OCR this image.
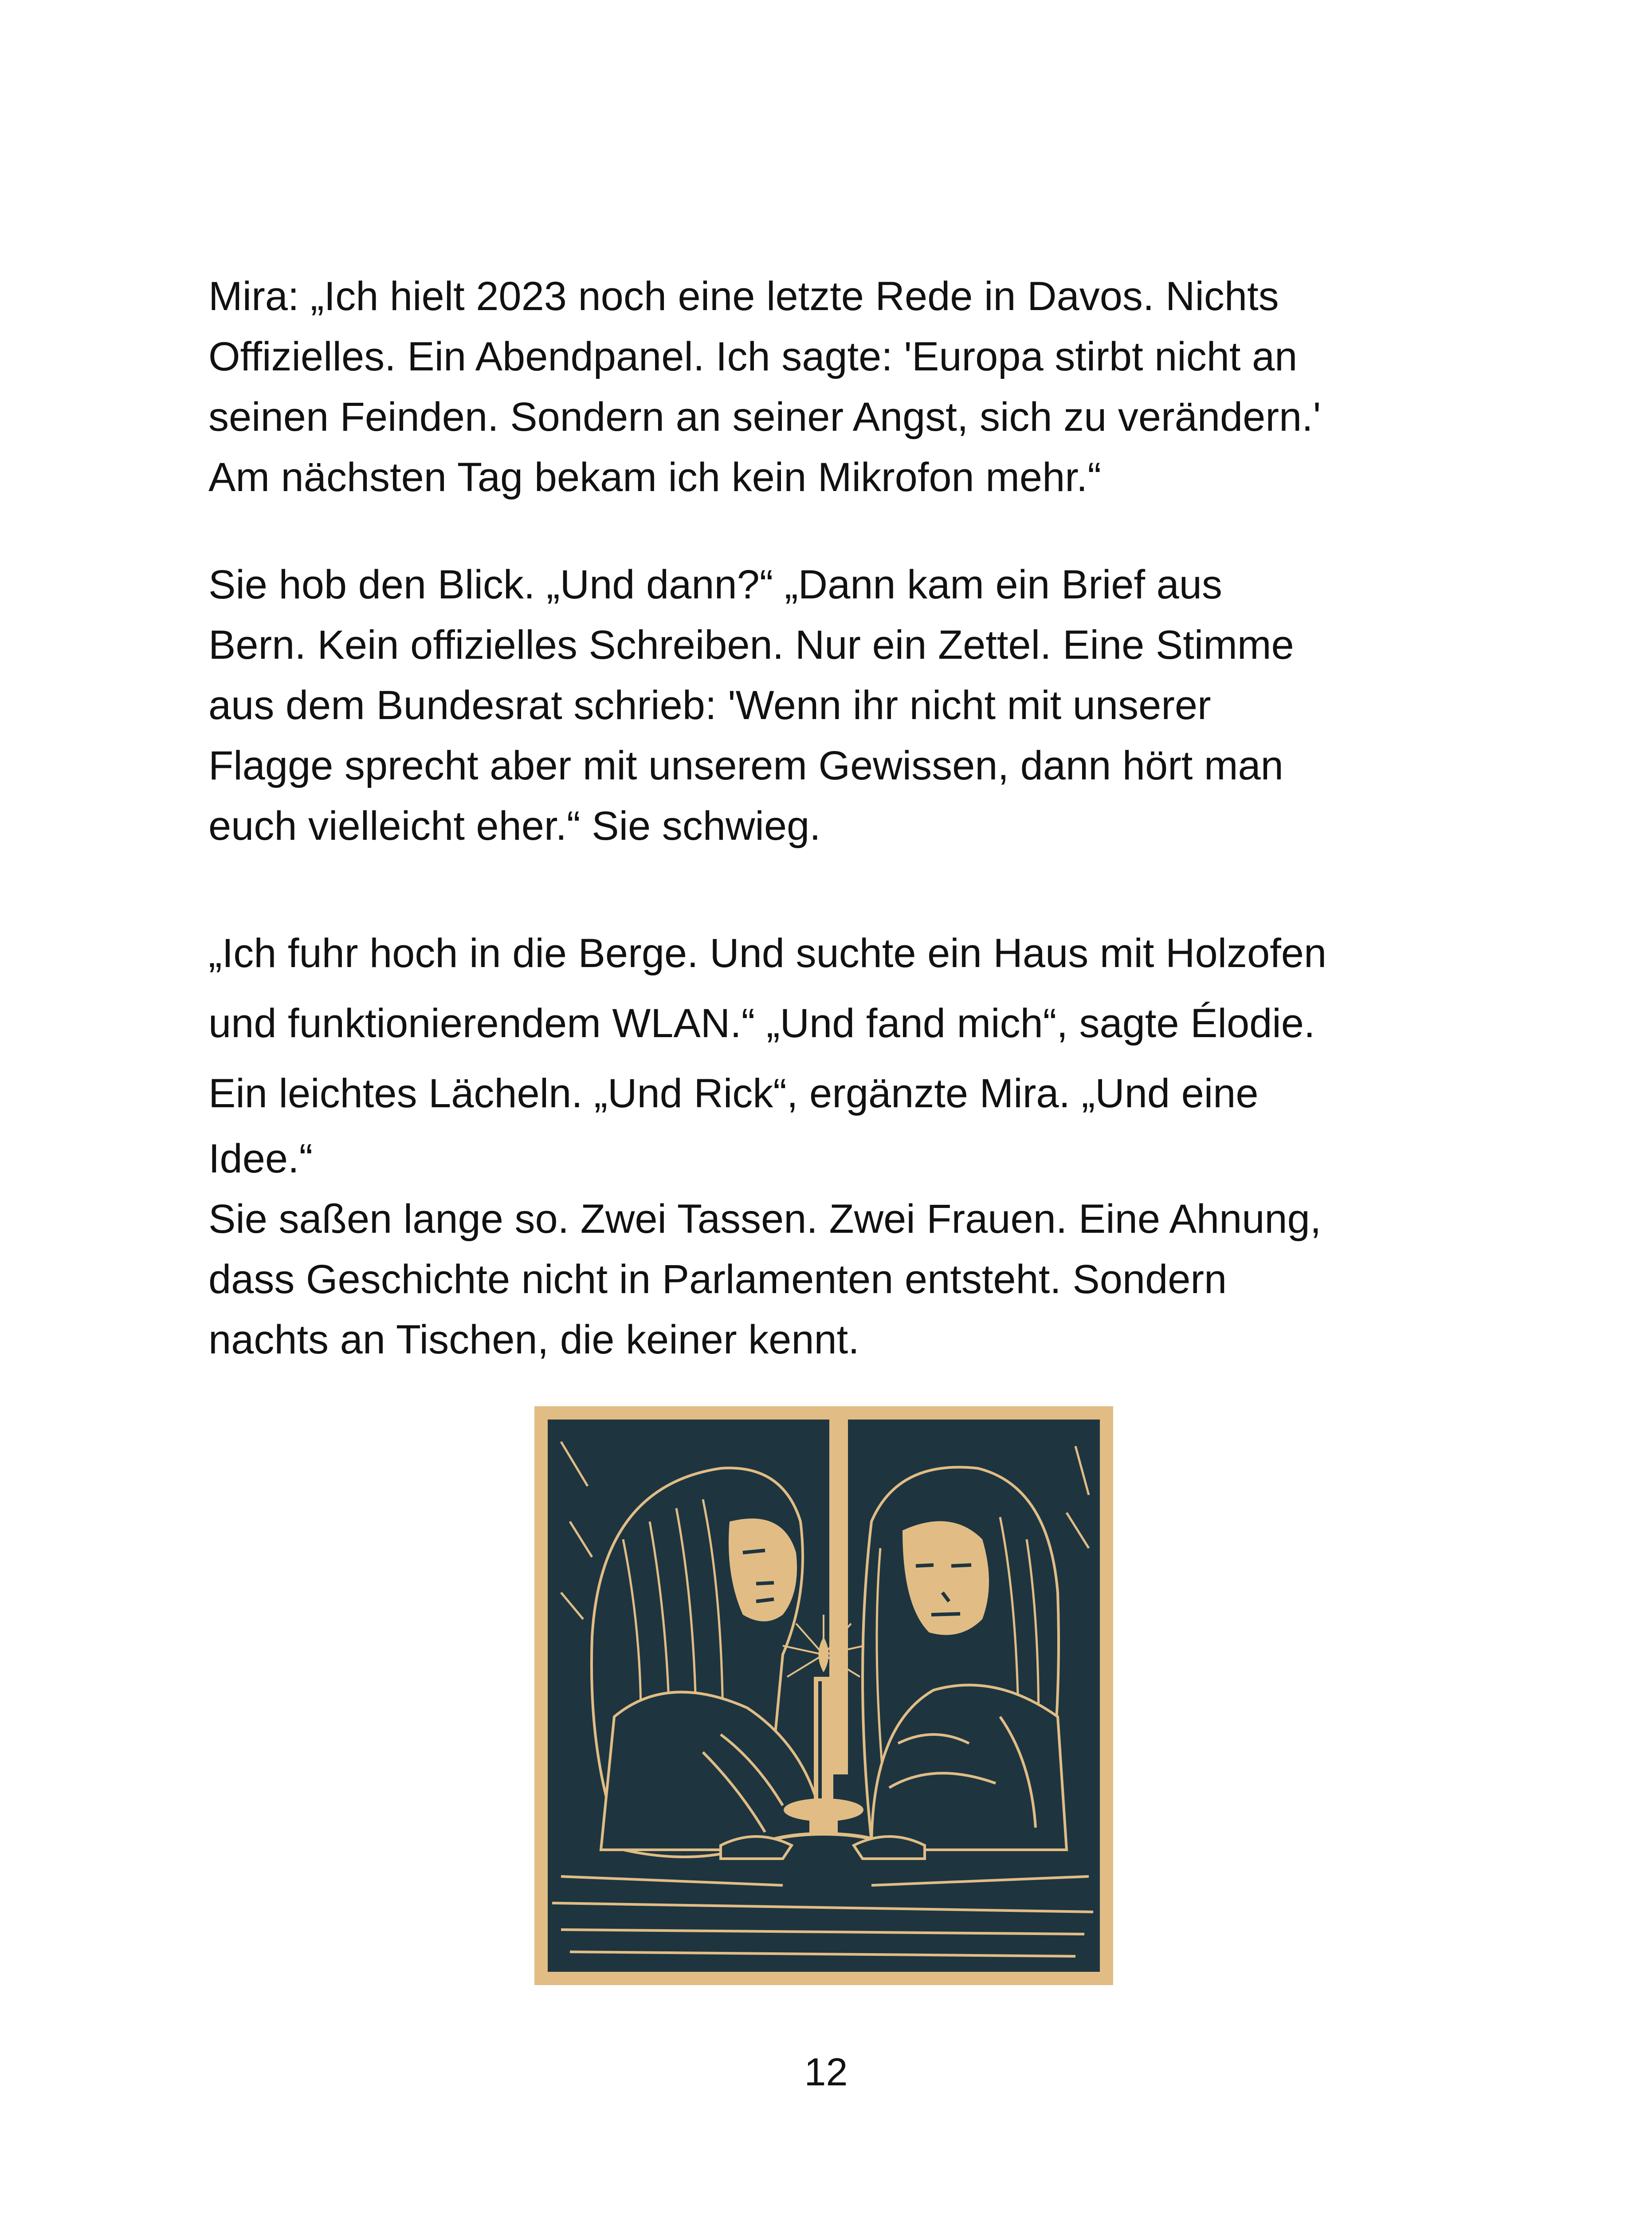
Mira: „Ich hielt 2023 noch eine letzte Rede in Davos. Nichts

Offizielles. Ein Abendpanel. Ich sagte: 'Europa stirbt nicht an

seinen Feinden. Sondern an seiner Angst, sich zu verändern.'

Am nächsten Tag bekam ich kein Mikrofon mehr.“

Sie hob den Blick. „Und dann?“ „Dann kam ein Brief aus

Bern. Kein offizielles Schreiben. Nur ein Zettel. Eine Stimme

aus dem Bundesrat schrieb: 'Wenn ihr nicht mit unserer

Flagge sprecht aber mit unserem Gewissen, dann hört man

euch vielleicht eher.“ Sie schwieg.

„Ich fuhr hoch in die Berge. Und suchte ein Haus mit Holzofen

und funktionierendem WLAN.“ „Und fand mich“, sagte Élodie.

Ein leichtes Lächeln. „Und Rick“, ergänzte Mira. „Und eine

Idee.“

Sie saßen lange so. Zwei Tassen. Zwei Frauen. Eine Ahnung,

dass Geschichte nicht in Parlamenten entsteht. Sondern

nachts an Tischen, die keiner kennt.

12
